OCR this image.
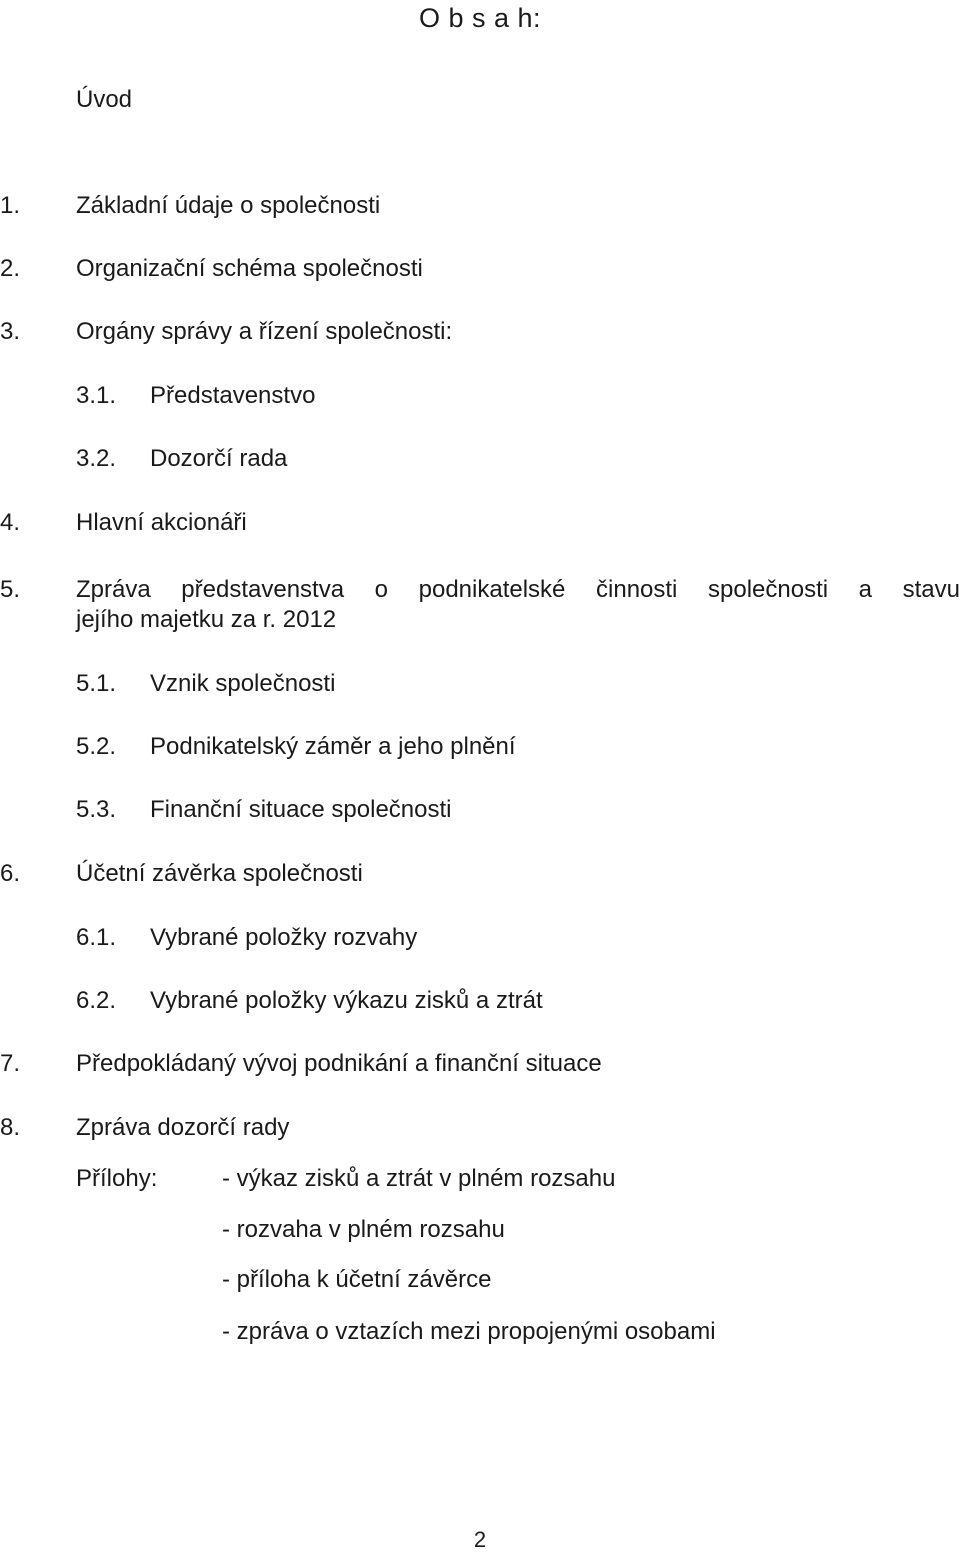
O b s a h:
Úvod
1. Základní údaje o společnosti
2. Organizační schéma společnosti
3. Orgány správy a řízení společnosti:
3.1. Představenstvo
3.2. Dozorčí rada
4. Hlavní akcionáři
5. Zpráva představenstva o podnikatelské činnosti společnosti a stavu
jejího majetku za r. 2012
5.1. Vznik společnosti
5.2. Podnikatelský záměr a jeho plnění
5.3. Finanční situace společnosti
6. Účetní závěrka společnosti
6.1. Vybrané položky rozvahy
6.2. Vybrané položky výkazu zisků a ztrát
7. Předpokládaný vývoj podnikání a finanční situace
8. Zpráva dozorčí rady
Přílohy:	- výkaz zisků a ztrát v plném rozsahu
- rozvaha v plném rozsahu
- příloha k účetní závěrce
- zpráva o vztazích mezi propojenými osobami
2
